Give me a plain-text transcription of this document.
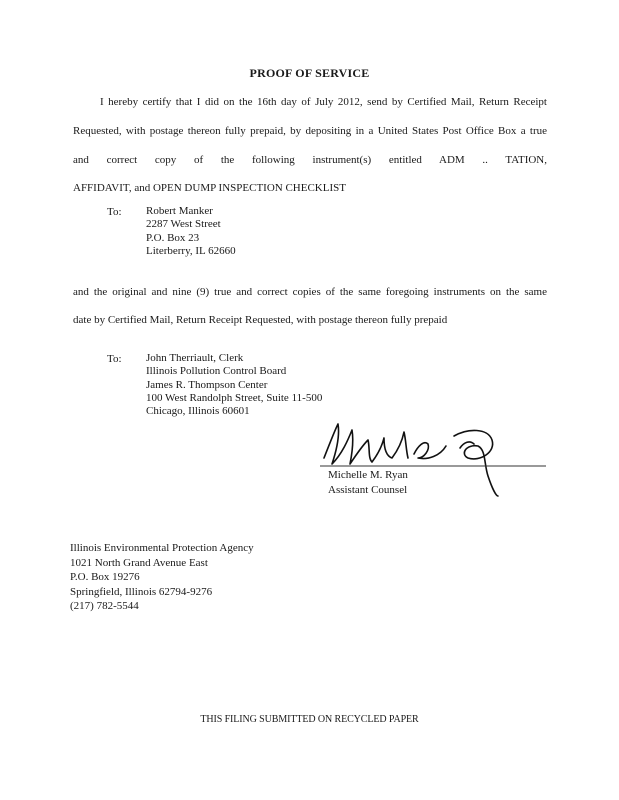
PROOF OF SERVICE
I hereby certify that I did on the 16th day of July 2012, send by Certified Mail, Return Receipt
Requested, with postage thereon fully prepaid, by depositing in a United States Post Office Box a true
and correct copy of the following instrument(s) entitled ADM .. TATION,
AFFIDAVIT, and OPEN DUMP INSPECTION CHECKLIST
To: Robert Manker
2287 West Street
P.O. Box 23
Literberry, IL 62660
and the original and nine (9) true and correct copies of the same foregoing instruments on the same
date by Certified Mail, Return Receipt Requested, with postage thereon fully prepaid
To: John Therriault, Clerk
Illinois Pollution Control Board
James R. Thompson Center
100 West Randolph Street, Suite 11-500
Chicago, Illinois 60601
Michelle M. Ryan
Assistant Counsel
Illinois Environmental Protection Agency
1021 North Grand Avenue East
P.O. Box 19276
Springfield, Illinois 62794-9276
(217) 782-5544
THIS FILING SUBMITTED ON RECYCLED PAPER
